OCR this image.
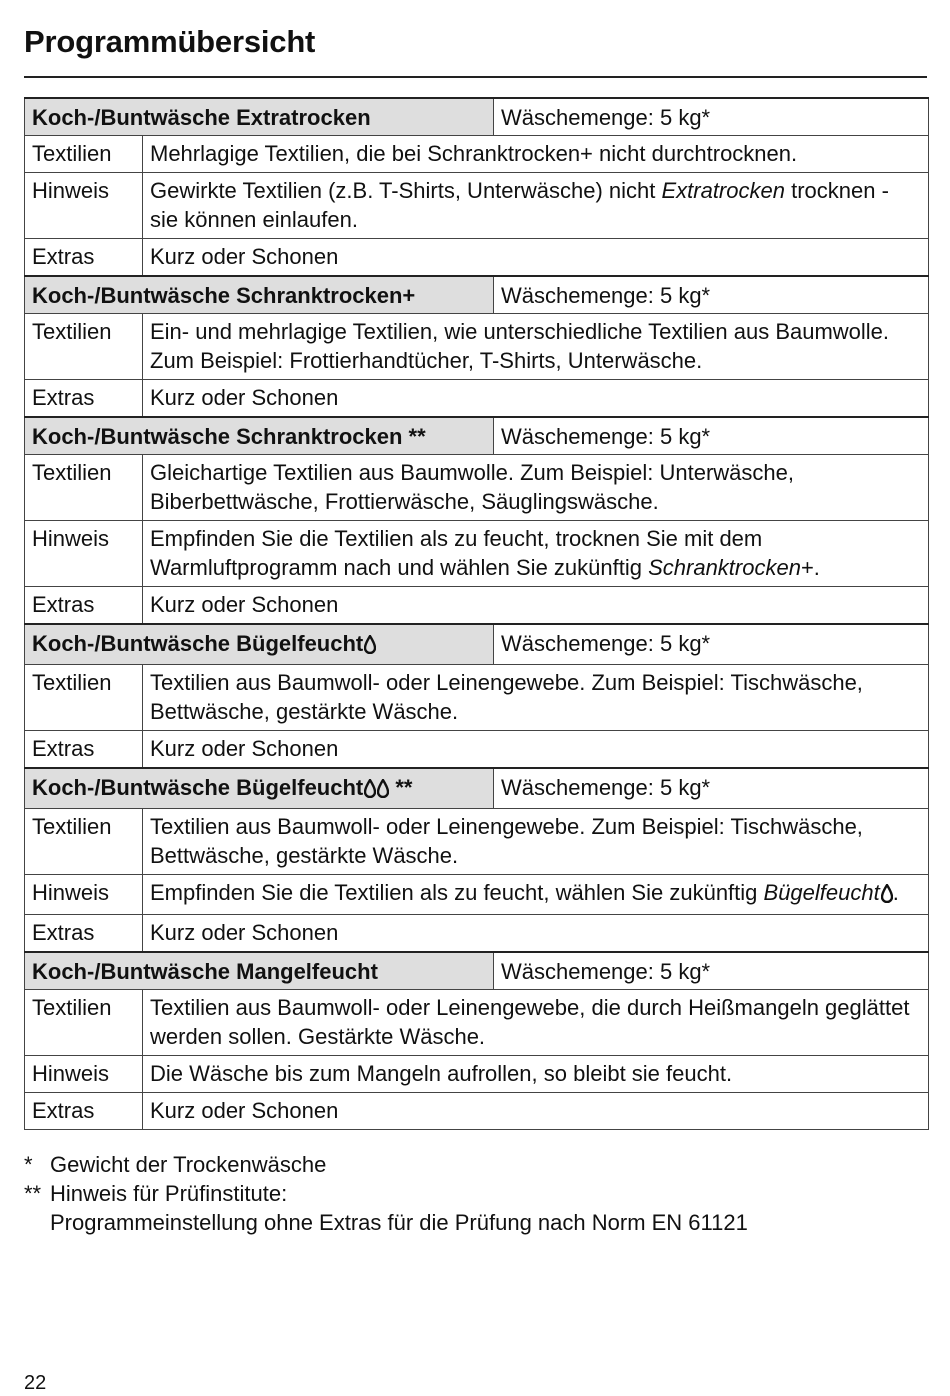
Programmübersicht
Koch-/Buntwäsche Extratrocken		Wäschemenge: 5 kg*
Textilien	Mehrlagige Textilien, die bei Schranktrocken+ nicht durchtrocknen.	
Hinweis	Gewirkte Textilien (z.B. T-Shirts, Unterwäsche) nicht Extratrocken trocknen - sie können einlaufen.	
Extras	Kurz oder Schonen	
Koch-/Buntwäsche Schranktrocken+		Wäschemenge: 5 kg*
Textilien	Ein- und mehrlagige Textilien, wie unterschiedliche Textilien aus Baumwolle. Zum Beispiel: Frottierhandtücher, T-Shirts, Unterwäsche.	
Extras	Kurz oder Schonen	
Koch-/Buntwäsche Schranktrocken **		Wäschemenge: 5 kg*
Textilien	Gleichartige Textilien aus Baumwolle. Zum Beispiel: Unterwäsche, Biberbettwäsche, Frottierwäsche, Säuglingswäsche.	
Hinweis	Empfinden Sie die Textilien als zu feucht, trocknen Sie mit dem Warmluftprogramm nach und wählen Sie zukünftig Schranktrocken+.	
Extras	Kurz oder Schonen	
Koch-/Buntwäsche Bügelfeucht		Wäschemenge: 5 kg*
Textilien	Textilien aus Baumwoll- oder Leinengewebe. Zum Beispiel: Tischwäsche, Bettwäsche, gestärkte Wäsche.	
Extras	Kurz oder Schonen	
Koch-/Buntwäsche Bügelfeucht **		Wäschemenge: 5 kg*
Textilien	Textilien aus Baumwoll- oder Leinengewebe. Zum Beispiel: Tischwäsche, Bettwäsche, gestärkte Wäsche.	
Hinweis	Empfinden Sie die Textilien als zu feucht, wählen Sie zukünftig Bügelfeucht .	
Extras	Kurz oder Schonen	
Koch-/Buntwäsche Mangelfeucht		Wäschemenge: 5 kg*
Textilien	Textilien aus Baumwoll- oder Leinengewebe, die durch Heißmangeln geglättet werden sollen. Gestärkte Wäsche.	
Hinweis	Die Wäsche bis zum Mangeln aufrollen, so bleibt sie feucht.	
Extras	Kurz oder Schonen	
* Gewicht der Trockenwäsche
** Hinweis für Prüfinstitute:
Programmeinstellung ohne Extras für die Prüfung nach Norm EN 61121
22
